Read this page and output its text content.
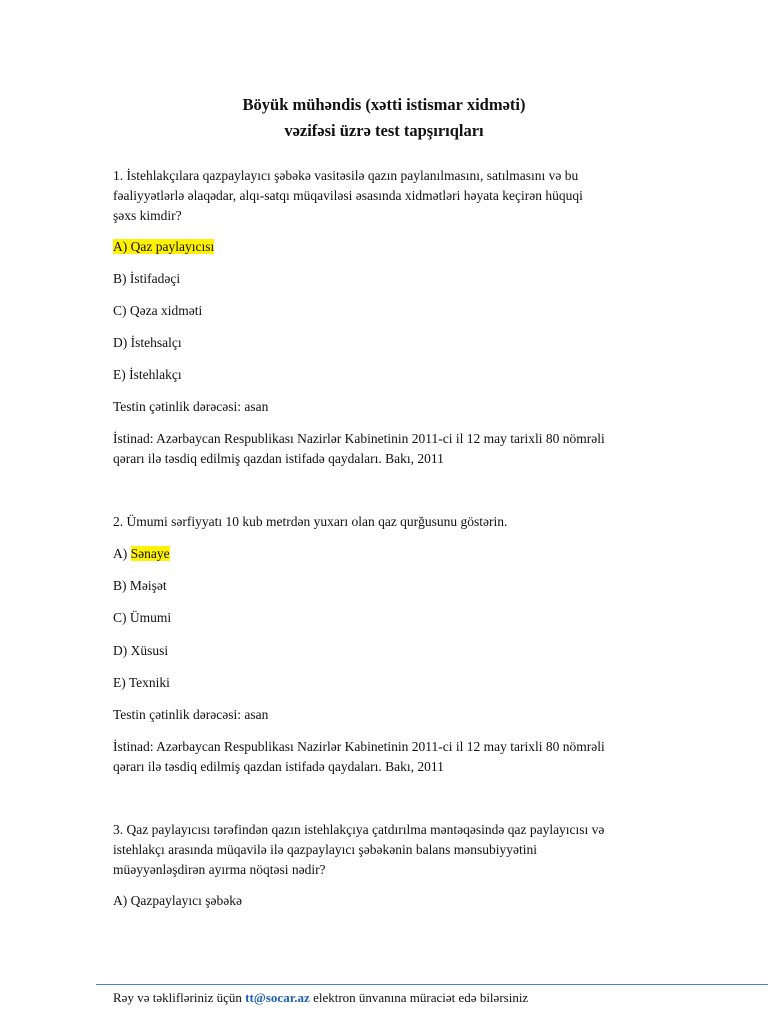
Böyük mühəndis (xətti istismar xidməti)
vəzifəsi üzrə test tapşırıqları
1. İstehlakçılara qazpaylayıcı şəbəkə vasitəsilə qazın paylanılmasını, satılmasını və bu
fəaliyyətlərlə əlaqədar, alqı-satqı müqaviləsi əsasında xidmətləri həyata keçirən hüquqi
şəxs kimdir?
A) Qaz paylayıcısı
B) İstifadəçi
C) Qəza xidməti
D) İstehsalçı
E) İstehlakçı
Testin çətinlik dərəcəsi: asan
İstinad: Azərbaycan Respublikası Nazirlər Kabinetinin 2011-ci il 12 may tarixli 80 nömrəli
qərarı ilə təsdiq edilmiş qazdan istifadə qaydaları. Bakı, 2011
2. Ümumi sərfiyyatı 10 kub metrdən yuxarı olan qaz qurğusunu göstərin.
A) Sənaye
B) Məişət
C) Ümumi
D) Xüsusi
E) Texniki
Testin çətinlik dərəcəsi: asan
İstinad: Azərbaycan Respublikası Nazirlər Kabinetinin 2011-ci il 12 may tarixli 80 nömrəli
qərarı ilə təsdiq edilmiş qazdan istifadə qaydaları. Bakı, 2011
3. Qaz paylayıcısı tərəfindən qazın istehlakçıya çatdırılma məntəqəsində qaz paylayıcısı və
istehlakçı arasında müqavilə ilə qazpaylayıcı şəbəkənin balans mənsubiyyətini
müəyyənləşdirən ayırma nöqtəsi nədir?
A) Qazpaylayıcı şəbəkə
Rəy və təklifləriniz üçün tt@socar.az elektron ünvanına müraciət edə bilərsiniz
